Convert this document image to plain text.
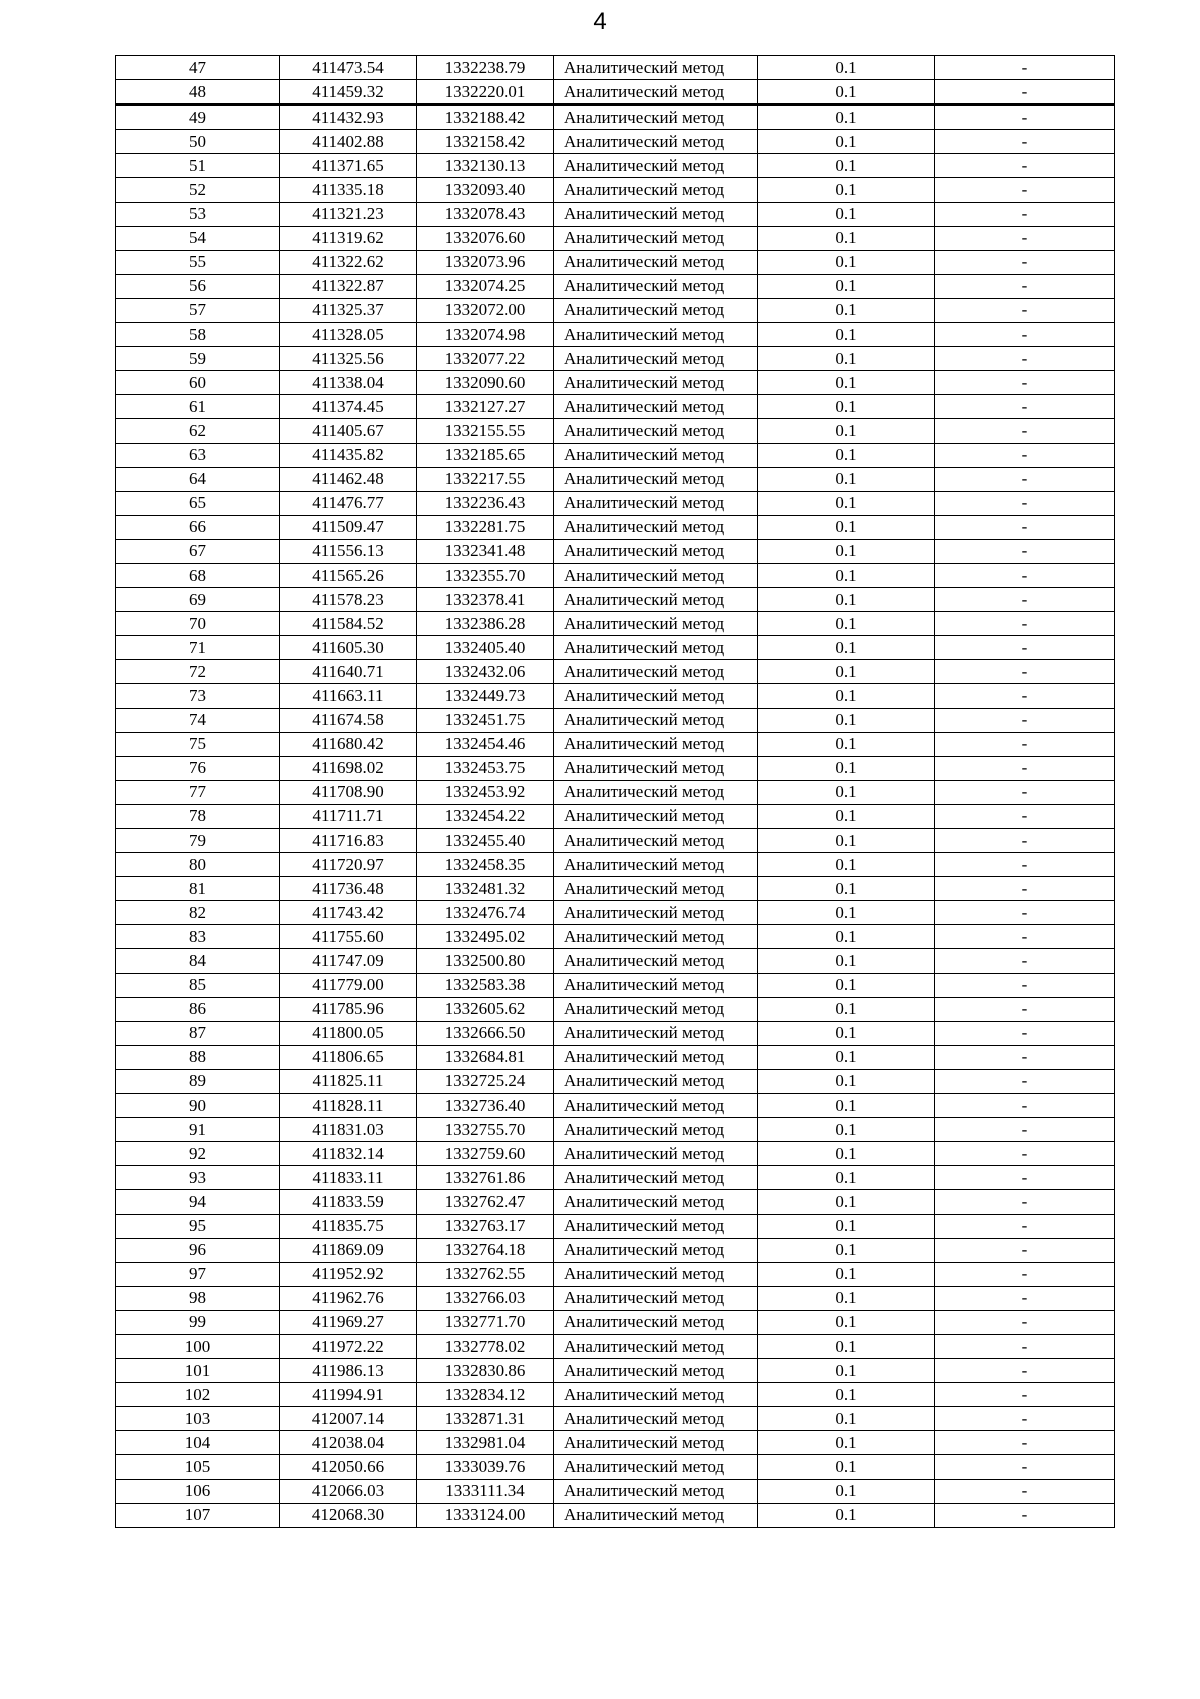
4
47	411473.54	1332238.79	Аналитический метод	0.1	-
48	411459.32	1332220.01	Аналитический метод	0.1	-
49	411432.93	1332188.42	Аналитический метод	0.1	-
50	411402.88	1332158.42	Аналитический метод	0.1	-
51	411371.65	1332130.13	Аналитический метод	0.1	-
52	411335.18	1332093.40	Аналитический метод	0.1	-
53	411321.23	1332078.43	Аналитический метод	0.1	-
54	411319.62	1332076.60	Аналитический метод	0.1	-
55	411322.62	1332073.96	Аналитический метод	0.1	-
56	411322.87	1332074.25	Аналитический метод	0.1	-
57	411325.37	1332072.00	Аналитический метод	0.1	-
58	411328.05	1332074.98	Аналитический метод	0.1	-
59	411325.56	1332077.22	Аналитический метод	0.1	-
60	411338.04	1332090.60	Аналитический метод	0.1	-
61	411374.45	1332127.27	Аналитический метод	0.1	-
62	411405.67	1332155.55	Аналитический метод	0.1	-
63	411435.82	1332185.65	Аналитический метод	0.1	-
64	411462.48	1332217.55	Аналитический метод	0.1	-
65	411476.77	1332236.43	Аналитический метод	0.1	-
66	411509.47	1332281.75	Аналитический метод	0.1	-
67	411556.13	1332341.48	Аналитический метод	0.1	-
68	411565.26	1332355.70	Аналитический метод	0.1	-
69	411578.23	1332378.41	Аналитический метод	0.1	-
70	411584.52	1332386.28	Аналитический метод	0.1	-
71	411605.30	1332405.40	Аналитический метод	0.1	-
72	411640.71	1332432.06	Аналитический метод	0.1	-
73	411663.11	1332449.73	Аналитический метод	0.1	-
74	411674.58	1332451.75	Аналитический метод	0.1	-
75	411680.42	1332454.46	Аналитический метод	0.1	-
76	411698.02	1332453.75	Аналитический метод	0.1	-
77	411708.90	1332453.92	Аналитический метод	0.1	-
78	411711.71	1332454.22	Аналитический метод	0.1	-
79	411716.83	1332455.40	Аналитический метод	0.1	-
80	411720.97	1332458.35	Аналитический метод	0.1	-
81	411736.48	1332481.32	Аналитический метод	0.1	-
82	411743.42	1332476.74	Аналитический метод	0.1	-
83	411755.60	1332495.02	Аналитический метод	0.1	-
84	411747.09	1332500.80	Аналитический метод	0.1	-
85	411779.00	1332583.38	Аналитический метод	0.1	-
86	411785.96	1332605.62	Аналитический метод	0.1	-
87	411800.05	1332666.50	Аналитический метод	0.1	-
88	411806.65	1332684.81	Аналитический метод	0.1	-
89	411825.11	1332725.24	Аналитический метод	0.1	-
90	411828.11	1332736.40	Аналитический метод	0.1	-
91	411831.03	1332755.70	Аналитический метод	0.1	-
92	411832.14	1332759.60	Аналитический метод	0.1	-
93	411833.11	1332761.86	Аналитический метод	0.1	-
94	411833.59	1332762.47	Аналитический метод	0.1	-
95	411835.75	1332763.17	Аналитический метод	0.1	-
96	411869.09	1332764.18	Аналитический метод	0.1	-
97	411952.92	1332762.55	Аналитический метод	0.1	-
98	411962.76	1332766.03	Аналитический метод	0.1	-
99	411969.27	1332771.70	Аналитический метод	0.1	-
100	411972.22	1332778.02	Аналитический метод	0.1	-
101	411986.13	1332830.86	Аналитический метод	0.1	-
102	411994.91	1332834.12	Аналитический метод	0.1	-
103	412007.14	1332871.31	Аналитический метод	0.1	-
104	412038.04	1332981.04	Аналитический метод	0.1	-
105	412050.66	1333039.76	Аналитический метод	0.1	-
106	412066.03	1333111.34	Аналитический метод	0.1	-
107	412068.30	1333124.00	Аналитический метод	0.1	-
